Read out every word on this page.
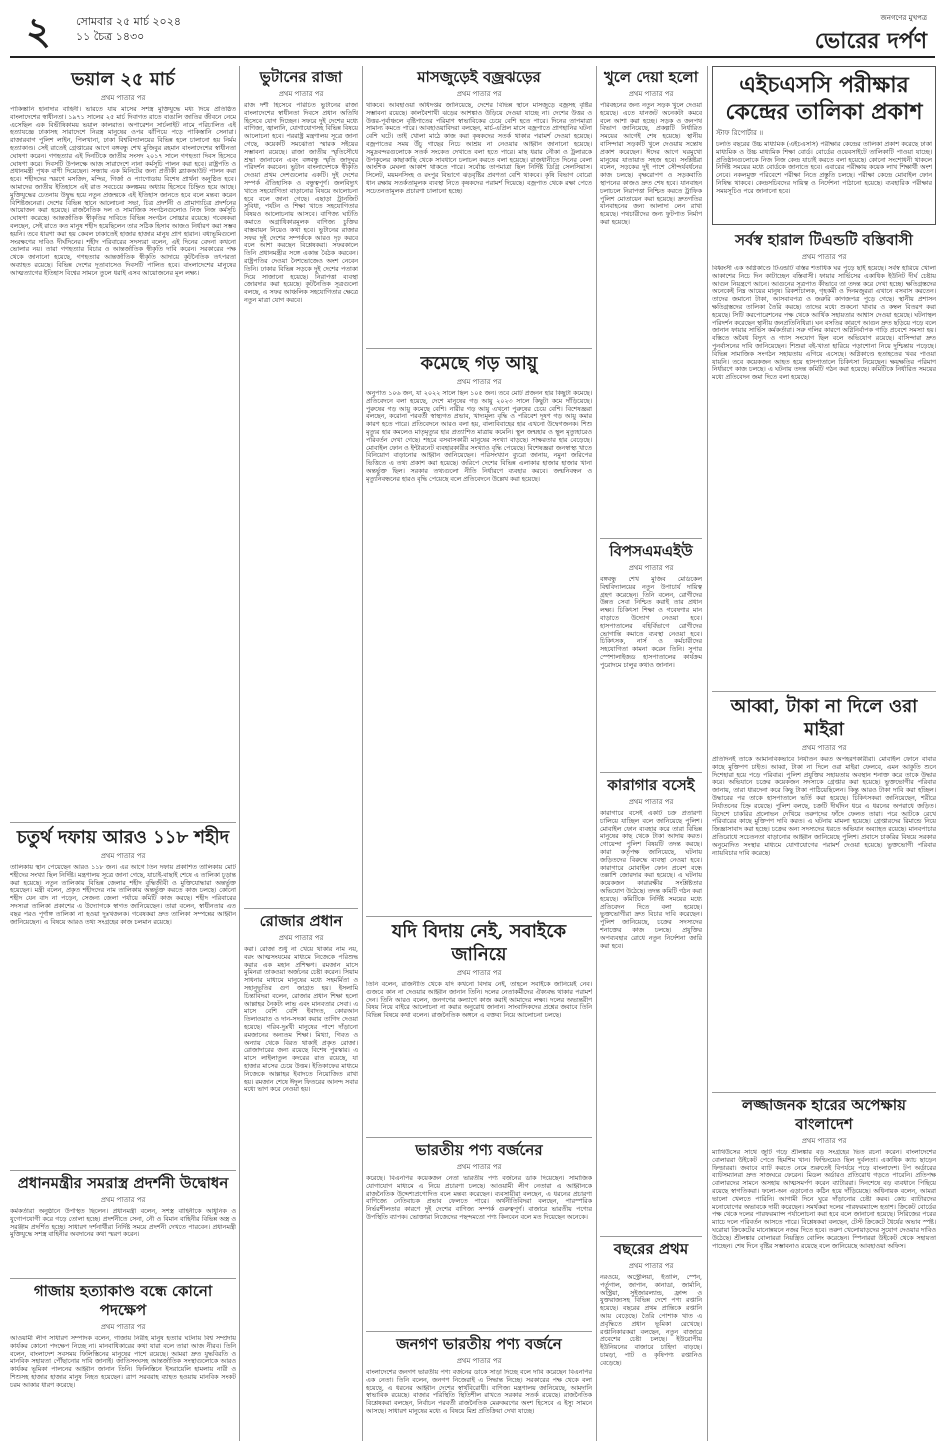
২ সোমবার ২৫ মার্চ ২০২৪
১১ চৈত্র ১৪৩০
জনগণের মুখপত্র
ভোরের দর্পণ
ভয়াল ২৫ মার্চ
প্রথম পাতার পর
পাকিস্তানি হানাদার বাহিনী। ভারতে যায় মাসের সশস্ত্র মুক্তিযুদ্ধে মধ্য দিয়ে প্রতিষ্ঠিত বাংলাদেশের স্বাধীনতা। ১৯৭১ সালের ২৫ মার্চ দিবাগত রাতে বাঙালি জাতির জীবনে নেমে এসেছিল এক বিভীষিকাময় ভয়াল কালরাত। অপারেশন সার্চলাইট নামে পরিচালিত এই হত্যাযজ্ঞে ঢাকাসহ সারাদেশে নিরস্ত্র মানুষের ওপর ঝাঁপিয়ে পড়ে পাকিস্তানি সেনারা। রাজারবাগ পুলিশ লাইন, পিলখানা, ঢাকা বিশ্ববিদ্যালয়ের বিভিন্ন হলে চালানো হয় নির্মম হত্যাকাণ্ড। সেই রাতেই গ্রেপ্তারের আগে বঙ্গবন্ধু শেখ মুজিবুর রহমান বাংলাদেশের স্বাধীনতা ঘোষণা করেন। গণহত্যার এই দিনটিকে জাতীয় সংসদ ২০১৭ সালে গণহত্যা দিবস হিসেবে ঘোষণা করে। দিবসটি উপলক্ষে আজ সারাদেশে নানা কর্মসূচি পালন করা হবে। রাষ্ট্রপতি ও প্রধানমন্ত্রী পৃথক বাণী দিয়েছেন। সন্ধ্যায় এক মিনিটের জন্য প্রতীকী ব্ল্যাকআউট পালন করা হবে। শহীদদের স্মরণে মসজিদ, মন্দির, গির্জা ও প্যাগোডায় বিশেষ প্রার্থনা অনুষ্ঠিত হবে। আমাদের জাতীয় ইতিহাসে এই রাত সবচেয়ে কলঙ্কময় অধ্যায় হিসেবে চিহ্নিত হয়ে আছে। মুক্তিযুদ্ধের চেতনায় উদ্বুদ্ধ হয়ে নতুন প্রজন্মকে এই ইতিহাস জানতে হবে বলে মন্তব্য করেন বিশিষ্টজনেরা। দেশের বিভিন্ন স্থানে আলোচনা সভা, চিত্র প্রদর্শনী ও প্রামাণ্যচিত্র প্রদর্শনের আয়োজন করা হয়েছে। রাজনৈতিক দল ও সামাজিক সংগঠনগুলোও নিজ নিজ কর্মসূচি ঘোষণা করেছে। আন্তর্জাতিক স্বীকৃতির দাবিতে বিভিন্ন সংগঠন সোচ্চার রয়েছে। গবেষকরা বলছেন, সেই রাতে কত মানুষ শহীদ হয়েছিলেন তার সঠিক হিসাব আজও নির্ধারণ করা সম্ভব হয়নি। তবে ধারণা করা হয় কেবল ঢাকাতেই হাজার হাজার মানুষ প্রাণ হারান। বধ্যভূমিগুলো সংরক্ষণের দাবিও দীর্ঘদিনের। শহীদ পরিবারের সদস্যরা বলেন, এই দিনের বেদনা কখনো ভোলার নয়। তারা গণহত্যার বিচার ও আন্তর্জাতিক স্বীকৃতি দাবি করেন। সরকারের পক্ষ থেকে জানানো হয়েছে, গণহত্যার আন্তর্জাতিক স্বীকৃতি আদায়ে কূটনৈতিক তৎপরতা অব্যাহত রয়েছে। বিভিন্ন দেশের দূতাবাসেও দিবসটি পালিত হবে। বাংলাদেশের মানুষের আত্মত্যাগের ইতিহাস বিশ্বের সামনে তুলে ধরাই এসব আয়োজনের মূল লক্ষ্য।
চতুর্থ দফায় আরও ১১৮ শহীদ
প্রথম পাতার পর
তালিকায় স্থান পেয়েছেন আরও ১১৮ জন। এর আগে তিন দফায় প্রকাশিত তালিকায় মোট শহীদের সংখ্যা ছিল নির্দিষ্ট। মন্ত্রণালয় সূত্রে জানা গেছে, যাচাই-বাছাই শেষে এ তালিকা চূড়ান্ত করা হয়েছে। নতুন তালিকায় বিভিন্ন জেলার শহীদ বুদ্ধিজীবী ও মুক্তিযোদ্ধারা অন্তর্ভুক্ত হয়েছেন। মন্ত্রী বলেন, প্রকৃত শহীদদের নাম তালিকায় অন্তর্ভুক্ত করতে কাজ চলছে। কোনো শহীদ যেন বাদ না পড়েন, সেজন্য জেলা পর্যায়ে কমিটি কাজ করছে। শহীদ পরিবারের সদস্যরা তালিকা প্রকাশের এ উদ্যোগকে স্বাগত জানিয়েছেন। তারা বলেন, স্বাধীনতার এত বছর পরও পূর্ণাঙ্গ তালিকা না হওয়া দুঃখজনক। গবেষকরা দ্রুত তালিকা সম্পন্নের আহ্বান জানিয়েছেন। এ বিষয়ে আরও তথ্য সংগ্রহের কাজ চলমান রয়েছে।
প্রধানমন্ত্রীর সমরাস্ত্র প্রদর্শনী উদ্বোধন
প্রথম পাতার পর
কর্মকর্তারা অনুষ্ঠানে উপস্থিত ছিলেন। প্রধানমন্ত্রী বলেন, সশস্ত্র বাহিনীকে আধুনিক ও যুগোপযোগী করে গড়ে তোলা হচ্ছে। প্রদর্শনীতে সেনা, নৌ ও বিমান বাহিনীর বিভিন্ন অস্ত্র ও সরঞ্জাম প্রদর্শিত হচ্ছে। সাধারণ দর্শনার্থীরা নির্দিষ্ট সময়ে প্রদর্শনী দেখতে পারবেন। প্রধানমন্ত্রী মুক্তিযুদ্ধে সশস্ত্র বাহিনীর অবদানের কথা স্মরণ করেন।
গাজায় হত্যাকাণ্ড বন্ধে কোনো পদক্ষেপ
প্রথম পাতার পর
আওয়ামী লীগ সাধারণ সম্পাদক বলেন, গাজায় নিরীহ মানুষ হত্যার ঘটনায় বিশ্ব সম্প্রদায় কার্যকর কোনো পদক্ষেপ নিচ্ছে না। মানবাধিকারের কথা যারা বলে তারা আজ নীরব। তিনি বলেন, বাংলাদেশ সবসময় ফিলিস্তিনের মানুষের পাশে রয়েছে। আমরা দ্রুত যুদ্ধবিরতি ও মানবিক সহায়তা পৌঁছানোর দাবি জানাই। জাতিসংঘসহ আন্তর্জাতিক সংস্থাগুলোকে আরও কার্যকর ভূমিকা পালনের আহ্বান জানান তিনি। ফিলিস্তিনে ইসরায়েলি হামলায় নারী ও শিশুসহ হাজার হাজার মানুষ নিহত হয়েছেন। ত্রাণ সরবরাহ ব্যাহত হওয়ায় মানবিক সংকট চরম আকার ধারণ করেছে।
ভুটানের রাজা
প্রথম পাতার পর
রাজ দর্শী হিসেবে পরিচিত ভুটানের রাজা বাংলাদেশের স্বাধীনতা দিবসে প্রধান অতিথি হিসেবে যোগ দিচ্ছেন। সফরে দুই দেশের মধ্যে বাণিজ্য, জ্বালানি, যোগাযোগসহ বিভিন্ন বিষয়ে আলোচনা হবে। পররাষ্ট্র মন্ত্রণালয় সূত্রে জানা গেছে, কয়েকটি সমঝোতা স্মারক সইয়ের সম্ভাবনা রয়েছে। রাজা জাতীয় স্মৃতিসৌধে শ্রদ্ধা জানাবেন এবং বঙ্গবন্ধু স্মৃতি জাদুঘর পরিদর্শন করবেন। ভুটান বাংলাদেশকে স্বীকৃতি দেওয়া প্রথম দেশগুলোর একটি। দুই দেশের সম্পর্ক ঐতিহাসিক ও বন্ধুত্বপূর্ণ। জলবিদ্যুৎ খাতে সহযোগিতা বাড়ানোর বিষয়ে আলোচনা হবে বলে জানা গেছে। এছাড়া ট্রানজিট সুবিধা, পর্যটন ও শিক্ষা খাতে সহযোগিতার বিষয়ও আলোচনায় আসবে। বাণিজ্য ঘাটতি কমাতে অগ্রাধিকারমূলক বাণিজ্য চুক্তির বাস্তবায়ন নিয়েও কথা হবে। ভুটানের রাজার সফর দুই দেশের সম্পর্ককে আরও দৃঢ় করবে বলে আশা করছেন বিশ্লেষকরা। সফরকালে তিনি প্রধানমন্ত্রীর সঙ্গে একান্ত বৈঠক করবেন। রাষ্ট্রপতির দেওয়া নৈশভোজেও অংশ নেবেন তিনি। ঢাকার বিভিন্ন সড়কে দুই দেশের পতাকা দিয়ে সাজানো হয়েছে। নিরাপত্তা ব্যবস্থা জোরদার করা হয়েছে। কূটনৈতিক সূত্রগুলো বলছে, এ সফর আঞ্চলিক সহযোগিতার ক্ষেত্রে নতুন মাত্রা যোগ করবে।
রোজার প্রধান
প্রথম পাতার পর
করা। রোজা শুধু না খেয়ে থাকার নাম নয়, বরং আত্মসংযমের মাধ্যমে নিজেকে পরিশুদ্ধ করার এক মহান প্রশিক্ষণ। রমজান মাসে মুমিনরা তাকওয়া অর্জনের চেষ্টা করেন। সিয়াম সাধনার মাধ্যমে মানুষের মধ্যে সহমর্মিতা ও সহানুভূতির গুণ জাগ্রত হয়। ইসলামি চিন্তাবিদরা বলেন, রোজার প্রধান শিক্ষা হলো আল্লাহর নৈকট্য লাভ এবং মানবতার সেবা। এ মাসে বেশি বেশি ইবাদত, কোরআন তিলাওয়াত ও দান-সদকা করার তাগিদ দেওয়া হয়েছে। গরিব-দুঃখী মানুষের পাশে দাঁড়ানো রমজানের অন্যতম শিক্ষা। মিথ্যা, গিবত ও অন্যায় থেকে বিরত থাকাই প্রকৃত রোজা। রোজাদারের জন্য রয়েছে বিশেষ পুরস্কার। এ মাসে লাইলাতুল কদরের রাত রয়েছে, যা হাজার মাসের চেয়ে উত্তম। ইতিকাফের মাধ্যমে নিজেকে আল্লাহর ইবাদতে নিয়োজিত রাখা হয়। রমজান শেষে ঈদুল ফিতরের আনন্দ সবার মধ্যে ভাগ করে নেওয়া হয়।
মাসজুড়েই বজ্রঝড়ের
প্রথম পাতার পর
থাকবে। আবহাওয়া অধিদপ্তর জানিয়েছে, দেশের বিভিন্ন স্থানে মাসজুড়ে বজ্রসহ বৃষ্টির সম্ভাবনা রয়েছে। কালবৈশাখী ঝড়ের আশঙ্কাও উড়িয়ে দেওয়া যাচ্ছে না। দেশের উত্তর ও উত্তর-পূর্বাঞ্চলে বৃষ্টিপাতের পরিমাণ স্বাভাবিকের চেয়ে বেশি হতে পারে। দিনের তাপমাত্রা সামান্য কমতে পারে। আবহাওয়াবিদরা বলছেন, মার্চ-এপ্রিল মাসে বজ্রপাতে প্রাণহানির ঘটনা বেশি ঘটে। তাই খোলা মাঠে কাজ করা কৃষকদের সতর্ক থাকার পরামর্শ দেওয়া হয়েছে। বজ্রপাতের সময় উঁচু গাছের নিচে আশ্রয় না নেওয়ার আহ্বান জানানো হয়েছে। সমুদ্রবন্দরগুলোকে সতর্ক সংকেত দেখাতে বলা হতে পারে। মাছ ধরার নৌকা ও ট্রলারকে উপকূলের কাছাকাছি থেকে সাবধানে চলাচল করতে বলা হয়েছে। রাজধানীতে দিনের বেলা আংশিক মেঘলা আকাশ থাকতে পারে। সর্বোচ্চ তাপমাত্রা ছিল নির্দিষ্ট ডিগ্রি সেলসিয়াস। সিলেট, ময়মনসিংহ ও রংপুর বিভাগে ঝড়বৃষ্টির প্রবণতা বেশি থাকবে। কৃষি বিভাগ বোরো ধান রক্ষায় সতর্কতামূলক ব্যবস্থা নিতে কৃষকদের পরামর্শ দিয়েছে। বজ্রপাত থেকে রক্ষা পেতে সচেতনতামূলক প্রচারণা চালানো হচ্ছে।
কমেছে গড় আয়ু
প্রথম পাতার পর
অনুপাত ১০৬ জন, যা ২০২২ সালে ছিল ১০৫ জন। তবে মোট প্রজনন হার কিছুটা কমেছে। প্রতিবেদনে বলা হয়েছে, দেশে মানুষের গড় আয়ু ২০২৩ সালে কিছুটা কমে দাঁড়িয়েছে। পুরুষের গড় আয়ু কমেছে বেশি। নারীর গড় আয়ু এখনো পুরুষের চেয়ে বেশি। বিশেষজ্ঞরা বলছেন, করোনা পরবর্তী স্বাস্থ্যগত প্রভাব, খাদ্যমূল্য বৃদ্ধি ও পরিবেশ দূষণ গড় আয়ু কমার কারণ হতে পারে। প্রতিবেদনে আরও বলা হয়, বাল্যবিবাহের হার এখনো উদ্বেগজনক। শিশু মৃত্যুর হার কমলেও মাতৃমৃত্যুর হার প্রত্যাশিত মাত্রায় কমেনি। স্থূল জন্মহার ও স্থূল মৃত্যুহারেও পরিবর্তন দেখা গেছে। শহরে বসবাসকারী মানুষের সংখ্যা বাড়ছে। সাক্ষরতার হার বেড়েছে। মোবাইল ফোন ও ইন্টারনেট ব্যবহারকারীর সংখ্যাও বৃদ্ধি পেয়েছে। বিশেষজ্ঞরা জনস্বাস্থ্য খাতে বিনিয়োগ বাড়ানোর আহ্বান জানিয়েছেন। পরিসংখ্যান ব্যুরো জানায়, নমুনা জরিপের ভিত্তিতে এ তথ্য প্রকাশ করা হয়েছে। জরিপে দেশের বিভিন্ন এলাকার হাজার হাজার খানা অন্তর্ভুক্ত ছিল। সরকার তথ্যগুলো নীতি নির্ধারণে ব্যবহার করবে। জন্মনিবন্ধন ও মৃত্যুনিবন্ধনের হারও বৃদ্ধি পেয়েছে বলে প্রতিবেদনে উল্লেখ করা হয়েছে।
যদি বিদায় নেই, সবাইকে জানিয়ে
প্রথম পাতার পর
তিনি বলেন, রাজনীতি থেকে যদি কখনো বিদায় নেই, তাহলে সবাইকে জানিয়েই নেব। গুজবে কান না দেওয়ার আহ্বান জানান তিনি। দলের নেতাকর্মীদের ঐক্যবদ্ধ থাকার পরামর্শ দেন। তিনি আরও বলেন, জনগণের কল্যাণে কাজ করাই আমাদের লক্ষ্য। দলের অভ্যন্তরীণ বিষয় নিয়ে বাইরে আলোচনা না করার অনুরোধ জানান। সাংবাদিকদের প্রশ্নের জবাবে তিনি বিভিন্ন বিষয়ে কথা বলেন। রাজনৈতিক অঙ্গনে এ বক্তব্য নিয়ে আলোচনা চলছে।
ভারতীয় পণ্য বর্জনের
প্রথম পাতার পর
করেছে। বিএনপির কয়েকজন নেতা ভারতীয় পণ্য বর্জনের ডাক দিয়েছেন। সামাজিক যোগাযোগ মাধ্যমে এ নিয়ে প্রচারণা চলছে। আওয়ামী লীগ নেতারা এ আহ্বানকে রাজনৈতিক উদ্দেশ্যপ্রণোদিত বলে মন্তব্য করেছেন। ব্যবসায়ীরা বলছেন, এ ধরনের প্রচারণা বাণিজ্যে নেতিবাচক প্রভাব ফেলতে পারে। অর্থনীতিবিদরা বলছেন, পারস্পরিক নির্ভরশীলতার কারণে দুই দেশের বাণিজ্য সম্পর্ক গুরুত্বপূর্ণ। বাজারে ভারতীয় পণ্যের উপস্থিতি ব্যাপক। ভোক্তারা নিজেদের পছন্দমতো পণ্য কিনবেন বলে মত দিয়েছেন অনেকে।
জনগণ ভারতীয় পণ্য বর্জনে
প্রথম পাতার পর
বাংলাদেশের জনগণ ভারতীয় পণ্য বর্জনের ডাকে সাড়া দিচ্ছে বলে দাবি করেছেন বিএনপির এক নেতা। তিনি বলেন, জনগণ নিজেরাই এ সিদ্ধান্ত নিচ্ছে। সরকারের পক্ষ থেকে বলা হয়েছে, এ ধরনের আহ্বান দেশের স্বার্থবিরোধী। বাণিজ্য মন্ত্রণালয় জানিয়েছে, আমদানি স্বাভাবিক রয়েছে। বাজার পরিস্থিতি স্থিতিশীল রাখতে সরকার সতর্ক রয়েছে। রাজনৈতিক বিশ্লেষকরা বলছেন, নির্বাচন পরবর্তী রাজনৈতিক মেরুকরণের অংশ হিসেবে এ ইস্যু সামনে আসছে। সাধারণ মানুষের মধ্যে এ বিষয়ে মিশ্র প্রতিক্রিয়া দেখা যাচ্ছে।
খুলে দেয়া হলো
প্রথম পাতার পর
পরিবহনের জন্য নতুন সড়ক খুলে দেওয়া হয়েছে। এতে যানজট অনেকটা কমবে বলে আশা করা হচ্ছে। সড়ক ও জনপথ বিভাগ জানিয়েছে, প্রকল্পটি নির্ধারিত সময়ের আগেই শেষ হয়েছে। স্থানীয় বাসিন্দারা সড়কটি খুলে দেওয়ায় সন্তোষ প্রকাশ করেছেন। ঈদের আগে ঘরমুখো মানুষের যাতায়াত সহজ হবে। সংশ্লিষ্টরা বলেন, সড়কের দুই পাশে সৌন্দর্যবর্ধনের কাজ চলছে। বৃক্ষরোপণ ও সড়কবাতি স্থাপনের কাজও দ্রুত শেষ হবে। যানবাহন চলাচলে নিরাপত্তা নিশ্চিত করতে ট্রাফিক পুলিশ মোতায়েন করা হয়েছে। দ্রুতগতির যানবাহনের জন্য আলাদা লেন রাখা হয়েছে। পথচারীদের জন্য ফুটপাত নির্মাণ করা হয়েছে।
বিপসএমএইউ
প্রথম পাতার পর
বঙ্গবন্ধু শেখ মুজিব মেডিকেল বিশ্ববিদ্যালয়ের নতুন উপাচার্য দায়িত্ব গ্রহণ করেছেন। তিনি বলেন, রোগীদের উন্নত সেবা নিশ্চিত করাই তার প্রধান লক্ষ্য। চিকিৎসা শিক্ষা ও গবেষণার মান বাড়াতে উদ্যোগ নেওয়া হবে। হাসপাতালের বহির্বিভাগে রোগীদের ভোগান্তি কমাতে ব্যবস্থা নেওয়া হবে। চিকিৎসক, নার্স ও কর্মচারীদের সহযোগিতা কামনা করেন তিনি। সুপার স্পেশালাইজড হাসপাতালের কার্যক্রম পুরোদমে চালুর কথাও জানান।
কারাগার বসেই
প্রথম পাতার পর
কারাগারে বসেই একটি চক্র প্রতারণা চালিয়ে যাচ্ছিল বলে জানিয়েছে পুলিশ। মোবাইল ফোন ব্যবহার করে তারা বিভিন্ন মানুষের কাছ থেকে টাকা আদায় করত। গোয়েন্দা পুলিশ বিষয়টি তদন্ত করছে। কারা কর্তৃপক্ষ জানিয়েছে, ঘটনায় জড়িতদের বিরুদ্ধে ব্যবস্থা নেওয়া হবে। কারাগারে মোবাইল ফোন প্রবেশ বন্ধে তল্লাশি জোরদার করা হয়েছে। এ ঘটনায় কয়েকজন কারারক্ষীর সংশ্লিষ্টতার অভিযোগ উঠেছে। তদন্ত কমিটি গঠন করা হয়েছে। কমিটিকে নির্দিষ্ট সময়ের মধ্যে প্রতিবেদন দিতে বলা হয়েছে। ভুক্তভোগীরা দ্রুত বিচার দাবি করেছেন। পুলিশ জানিয়েছে, চক্রের সদস্যদের শনাক্তের কাজ চলছে। প্রযুক্তির অপব্যবহার রোধে নতুন নির্দেশনা জারি করা হবে।
বছরের প্রথম
প্রথম পাতার পর
নরওয়ে, অস্ট্রেলিয়া, ইতালি, স্পেন, পর্তুগাল, জাপান, কানাডা, জার্মানি, অস্ট্রিয়া, সুইজারল্যান্ড, ফ্রান্স ও যুক্তরাজ্যসহ বিভিন্ন দেশে পণ্য রপ্তানি হয়েছে। বছরের প্রথম প্রান্তিকে রপ্তানি আয় বেড়েছে। তৈরি পোশাক খাত এ প্রবৃদ্ধিতে প্রধান ভূমিকা রেখেছে। রপ্তানিকারকরা বলছেন, নতুন বাজারে প্রবেশের চেষ্টা চলছে। ইউরোপীয় ইউনিয়নের বাজারে চাহিদা বাড়ছে। চামড়া, পাট ও কৃষিপণ্য রপ্তানিও বেড়েছে।
এইচএসসি পরীক্ষার কেন্দ্রের তালিকা প্রকাশ
স্টাফ রিপোর্টার ॥
চলতি বছরের উচ্চ মাধ্যমিক (এইচএসসি) পরীক্ষার কেন্দ্রের তালিকা প্রকাশ করেছে ঢাকা মাধ্যমিক ও উচ্চ মাধ্যমিক শিক্ষা বোর্ড। বোর্ডের ওয়েবসাইটে তালিকাটি পাওয়া যাচ্ছে। প্রতিষ্ঠানগুলোকে নিজ নিজ কেন্দ্র যাচাই করতে বলা হয়েছে। কোনো সংশোধনী থাকলে নির্দিষ্ট সময়ের মধ্যে বোর্ডকে জানাতে হবে। এবারের পরীক্ষায় কয়েক লাখ শিক্ষার্থী অংশ নেবে। নকলমুক্ত পরিবেশে পরীক্ষা নিতে প্রস্তুতি চলছে। পরীক্ষা কেন্দ্রে মোবাইল ফোন নিষিদ্ধ থাকবে। কেন্দ্রসচিবদের দায়িত্ব ও নির্দেশনা পাঠানো হয়েছে। ব্যবহারিক পরীক্ষার সময়সূচিও পরে জানানো হবে।
সর্বস্ব হারাল টিএন্ডটি বস্তিবাসী
প্রথম পাতার পর
বিধ্বংসী এক অগ্নিকাণ্ডে টিএন্ডটি বস্তির শতাধিক ঘর পুড়ে ছাই হয়েছে। সর্বস্ব হারিয়ে খোলা আকাশের নিচে দিন কাটাচ্ছেন বস্তিবাসী। ফায়ার সার্ভিসের একাধিক ইউনিট দীর্ঘ চেষ্টায় আগুন নিয়ন্ত্রণে আনে। আগুনের সূত্রপাত কীভাবে তা তদন্ত করে দেখা হচ্ছে। ক্ষতিগ্রস্তদের অনেকেই নিম্ন আয়ের মানুষ। রিকশাচালক, গৃহকর্মী ও দিনমজুররা এখানে বসবাস করতেন। তাদের জমানো টাকা, আসবাবপত্র ও জরুরি কাগজপত্র পুড়ে গেছে। স্থানীয় প্রশাসন ক্ষতিগ্রস্তদের তালিকা তৈরি করছে। তাদের মধ্যে শুকনো খাবার ও কম্বল বিতরণ করা হয়েছে। সিটি করপোরেশনের পক্ষ থেকে আর্থিক সহায়তার আশ্বাস দেওয়া হয়েছে। ঘটনাস্থল পরিদর্শন করেছেন স্থানীয় জনপ্রতিনিধিরা। ঘন বসতির কারণে আগুন দ্রুত ছড়িয়ে পড়ে বলে জানান ফায়ার সার্ভিস কর্মকর্তারা। সরু গলির কারণে অগ্নিনির্বাপক গাড়ি প্রবেশে সমস্যা হয়। বস্তিতে অবৈধ বিদ্যুৎ ও গ্যাস সংযোগ ছিল বলে অভিযোগ রয়েছে। বাসিন্দারা দ্রুত পুনর্বাসনের দাবি জানিয়েছেন। শিশুরা বই-খাতা হারিয়ে পড়াশোনা নিয়ে দুশ্চিন্তায় পড়েছে। বিভিন্ন সামাজিক সংগঠন সহায়তায় এগিয়ে এসেছে। অগ্নিকাণ্ডে হতাহতের খবর পাওয়া যায়নি। তবে কয়েকজন আহত হয়ে হাসপাতালে চিকিৎসা নিয়েছেন। ক্ষয়ক্ষতির পরিমাণ নির্ধারণে কাজ চলছে। এ ঘটনায় তদন্ত কমিটি গঠন করা হয়েছে। কমিটিকে নির্ধারিত সময়ের মধ্যে প্রতিবেদন জমা দিতে বলা হয়েছে।
আব্বা, টাকা না দিলে ওরা মাইরা
প্রথম পাতার পর
প্রতিদিনই তাকে আমানবিকভাবে নির্যাতন করত অপহরণকারীরা। মোবাইল ফোনে বাবার কাছে মুক্তিপণ চাইত। আব্বা, টাকা না দিলে ওরা মাইরা ফেলবে, এমন আকুতি শুনে দিশেহারা হয়ে পড়ে পরিবার। পুলিশ প্রযুক্তির সহায়তায় অবস্থান শনাক্ত করে তাকে উদ্ধার করে। অভিযানে চক্রের কয়েকজন সদস্যকে গ্রেপ্তার করা হয়েছে। ভুক্তভোগীর পরিবার জানায়, তারা ধারদেনা করে কিছু টাকা পাঠিয়েছিলেন। কিন্তু আরও টাকা দাবি করা হচ্ছিল। উদ্ধারের পর তাকে হাসপাতালে ভর্তি করা হয়েছে। চিকিৎসকরা জানিয়েছেন, শরীরে নির্যাতনের চিহ্ন রয়েছে। পুলিশ বলছে, চক্রটি দীর্ঘদিন ধরে এ ধরনের অপরাধে জড়িত। বিদেশে চাকরির প্রলোভন দেখিয়ে তরুণদের ফাঁদে ফেলত তারা। পরে আটকে রেখে পরিবারের কাছে মুক্তিপণ দাবি করত। এ ঘটনায় মামলা হয়েছে। গ্রেপ্তারদের রিমান্ডে নিয়ে জিজ্ঞাসাবাদ করা হচ্ছে। চক্রের অন্য সদস্যদের ধরতে অভিযান অব্যাহত রয়েছে। মানবপাচার প্রতিরোধে সচেতনতা বাড়ানোর আহ্বান জানিয়েছে পুলিশ। প্রবাসে চাকরির বিষয়ে সরকার অনুমোদিত সংস্থার মাধ্যমে যোগাযোগের পরামর্শ দেওয়া হয়েছে। ভুক্তভোগী পরিবার ন্যায়বিচার দাবি করেছে।
লজ্জাজনক হারের অপেক্ষায় বাংলাদেশ
প্রথম পাতার পর
ম্যাথিউসের সাথে জুটি গড়ে শ্রীলঙ্কার বড় সংগ্রহের ভিত রচনা করেন। বাংলাদেশের বোলাররা উইকেট পেতে হিমশিম খান। ফিল্ডিংয়েও ছিল দুর্বলতা। একাধিক ক্যাচ ছাড়েন ফিল্ডাররা। জবাবে ব্যাট করতে নেমে শুরুতেই বিপর্যয়ে পড়ে বাংলাদেশ। টপ অর্ডারের ব্যাটসম্যানরা দ্রুত সাজঘরে ফেরেন। মিডল অর্ডারও প্রতিরোধ গড়তে পারেনি। প্রতিপক্ষ বোলারদের সামনে অসহায় আত্মসমর্পণ করেন ব্যাটাররা। দিনশেষে বড় ব্যবধানে পিছিয়ে রয়েছে স্বাগতিকরা। ফলো-অন এড়ানোও কঠিন হয়ে দাঁড়িয়েছে। অধিনায়ক বলেন, আমরা ভালো খেলতে পারিনি। আগামী দিনে ঘুরে দাঁড়ানোর চেষ্টা করব। কোচ ব্যাটারদের মনোযোগের অভাবকে দায়ী করেছেন। সমর্থকরা দলের পারফরম্যান্সে হতাশ। ক্রিকেট বোর্ডের পক্ষ থেকে দলের পারফরম্যান্স পর্যালোচনা করা হবে বলে জানানো হয়েছে। সিরিজের পরের ম্যাচে দলে পরিবর্তন আসতে পারে। বিশ্লেষকরা বলছেন, টেস্ট ক্রিকেটে ধৈর্যের অভাব স্পষ্ট। ঘরোয়া ক্রিকেটের মানোন্নয়নে নজর দিতে হবে। তরুণ খেলোয়াড়দের সুযোগ দেওয়ার দাবিও উঠেছে। শ্রীলঙ্কার বোলাররা নিয়ন্ত্রিত বোলিং করেছেন। স্পিনাররা উইকেট থেকে সহায়তা পাচ্ছেন। শেষ দিনে বৃষ্টির সম্ভাবনাও রয়েছে বলে জানিয়েছে আবহাওয়া অফিস।
